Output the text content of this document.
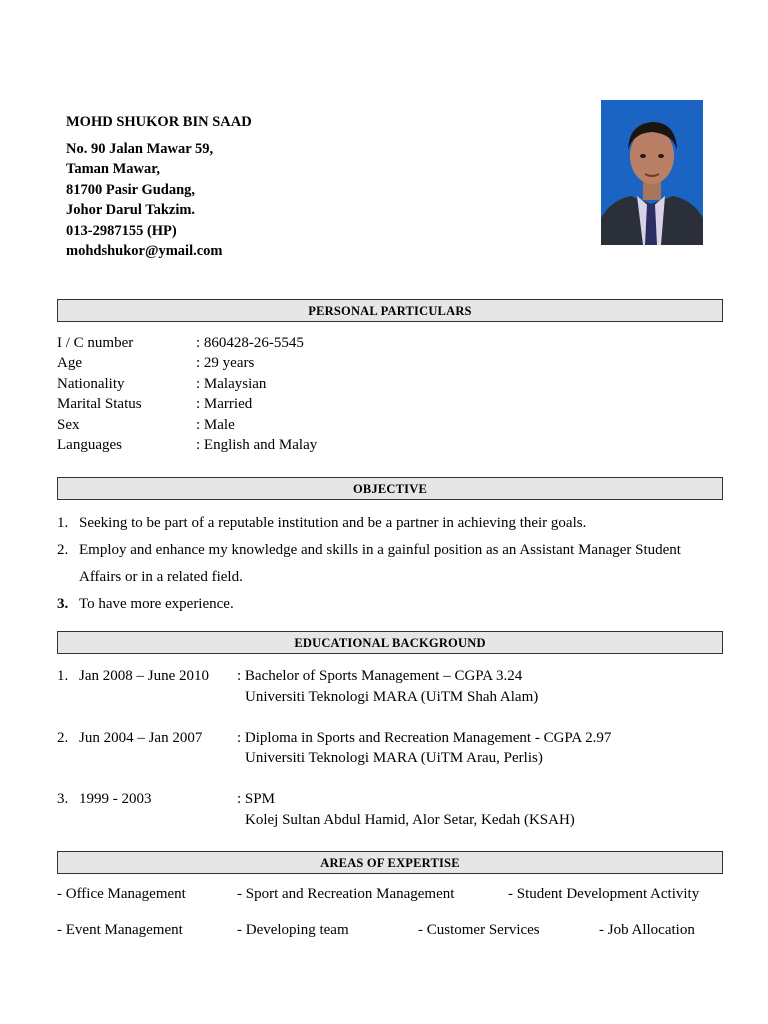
MOHD SHUKOR BIN SAAD
No. 90 Jalan Mawar 59,
Taman Mawar,
81700 Pasir Gudang,
Johor Darul Takzim.
013-2987155 (HP)
mohdshukor@ymail.com
PERSONAL PARTICULARS
I / C number	: 860428-26-5545
Age	: 29 years
Nationality	: Malaysian
Marital Status	: Married
Sex	: Male
Languages	: English and Malay
OBJECTIVE
1. Seeking to be part of a reputable institution and be a partner in achieving their goals.
2. Employ and enhance my knowledge and skills in a gainful position as an Assistant Manager Student Affairs or in a related field.
3. To have more experience.
EDUCATIONAL BACKGROUND
1. Jan 2008 – June 2010	: Bachelor of Sports Management – CGPA 3.24
Universiti Teknologi MARA (UiTM Shah Alam)
2. Jun 2004 – Jan 2007	: Diploma in Sports and Recreation Management - CGPA 2.97
Universiti Teknologi MARA (UiTM Arau, Perlis)
3. 1999 - 2003	: SPM
Kolej Sultan Abdul Hamid, Alor Setar, Kedah (KSAH)
AREAS OF EXPERTISE
- Office Management	- Sport and Recreation Management	- Student Development Activity
- Event Management	- Developing team	- Customer Services	- Job Allocation
